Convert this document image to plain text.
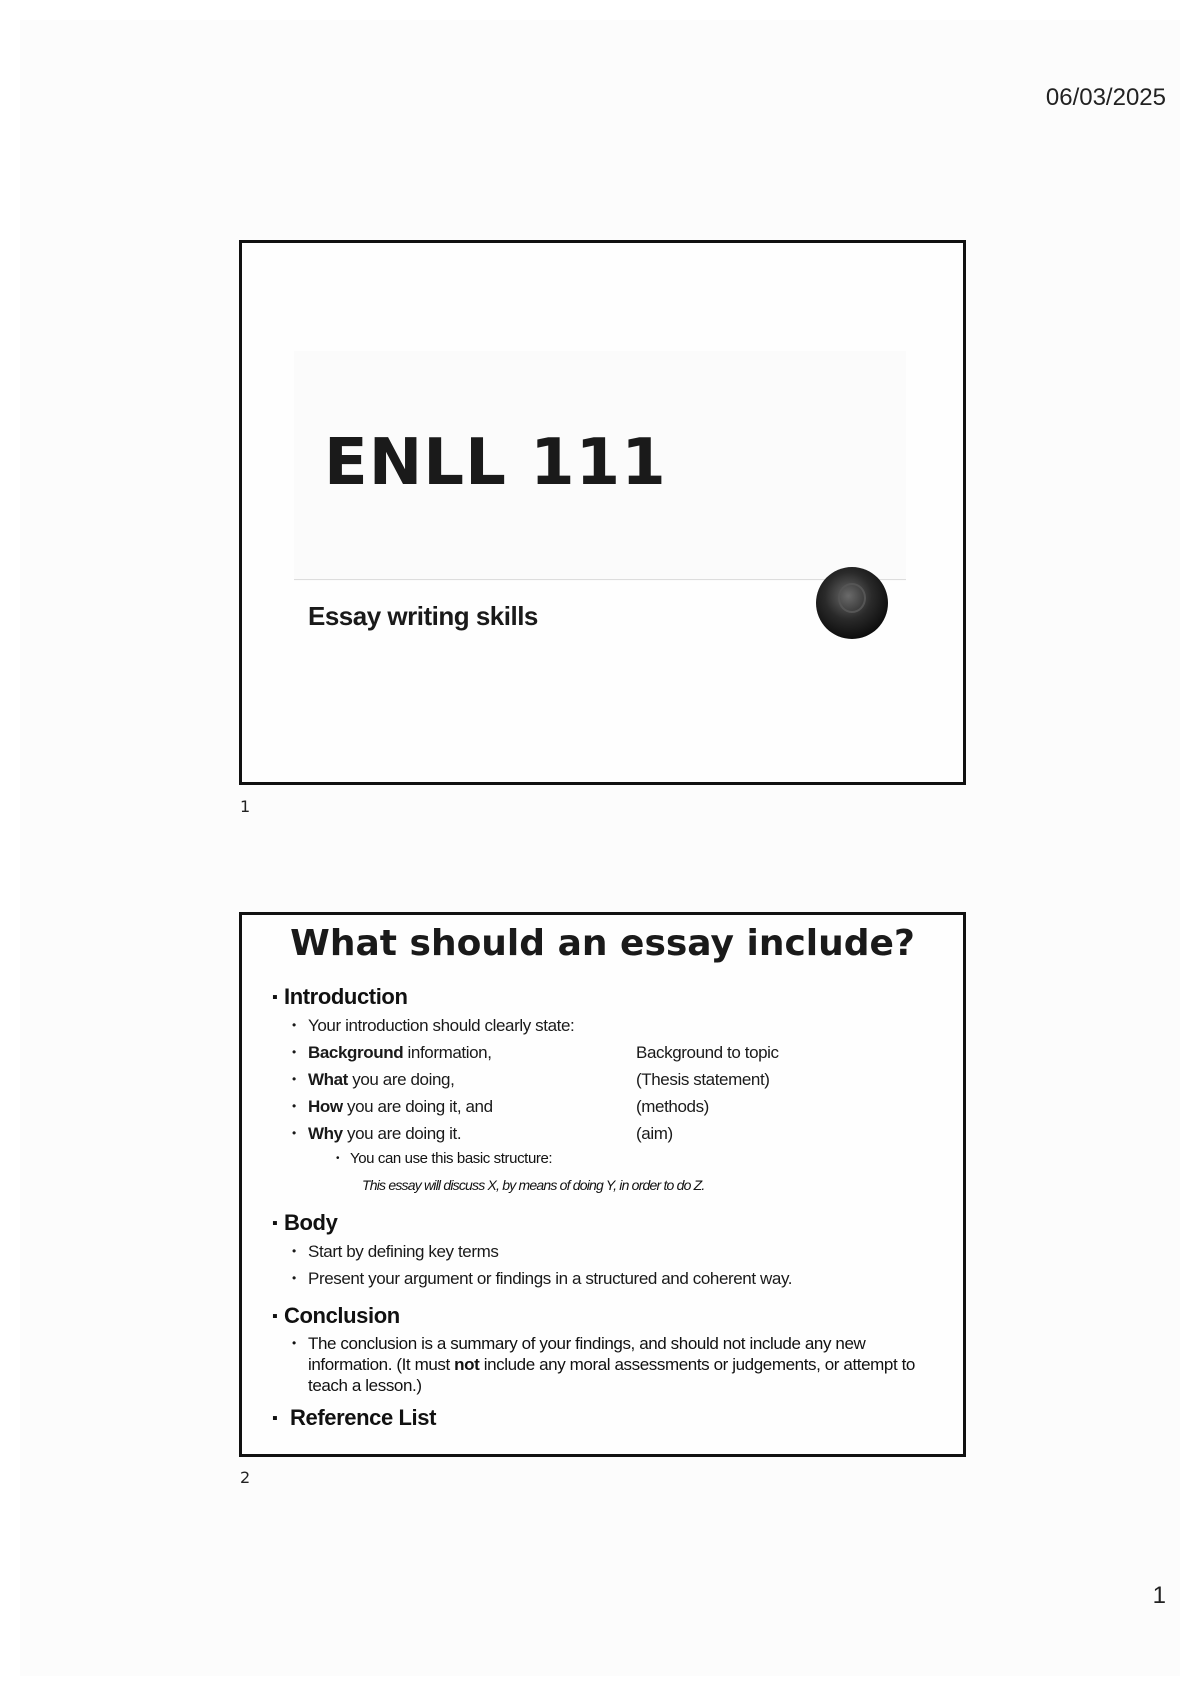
06/03/2025
ENLL 111
Essay writing skills
1
What should an essay include?
▪ Introduction
• Your introduction should clearly state:
• Background information,	Background to topic
• What you are doing,	(Thesis statement)
• How you are doing it, and	(methods)
• Why you are doing it.	(aim)
• You can use this basic structure:
This essay will discuss X, by means of doing Y, in order to do Z.
▪ Body
• Start by defining key terms
• Present your argument or findings in a structured and coherent way.
▪ Conclusion
• The conclusion is a summary of your findings, and should not include any new information. (It must not include any moral assessments or judgements, or attempt to teach a lesson.)
▪ Reference List
2
1
